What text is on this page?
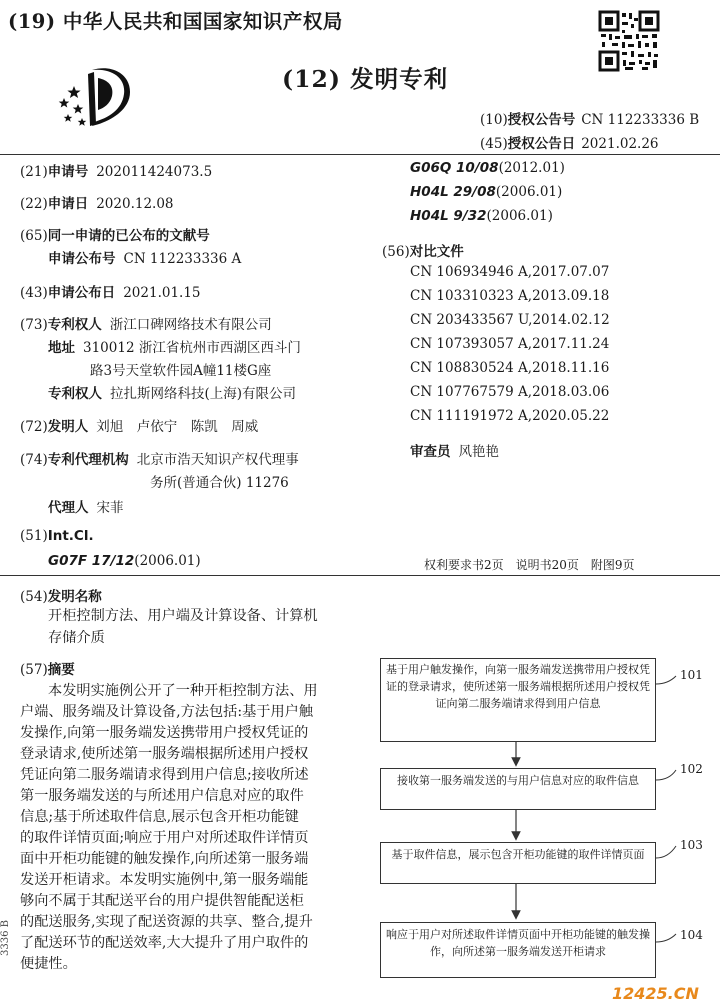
(19) 中华人民共和国国家知识产权局
(12) 发明专利
(10)授权公告号 CN 112233336 B
(45)授权公告日 2021.02.26
(21)申请号 202011424073.5
(22)申请日 2020.12.08
(65)同一申请的已公布的文献号
申请公布号 CN 112233336 A
(43)申请公布日 2021.01.15
(73)专利权人 浙江口碑网络技术有限公司
地址 310012 浙江省杭州市西湖区西斗门
路3号天堂软件园A幢11楼G座
专利权人 拉扎斯网络科技(上海)有限公司
(72)发明人 刘旭　卢依宁　陈凯　周威
(74)专利代理机构 北京市浩天知识产权代理事
务所(普通合伙) 11276
代理人 宋菲
(51)Int.Cl.
G07F 17/12(2006.01)
G06Q 10/08(2012.01)
H04L 29/08(2006.01)
H04L 9/32(2006.01)
(56)对比文件
CN 106934946 A,2017.07.07
CN 103310323 A,2013.09.18
CN 203433567 U,2014.02.12
CN 107393057 A,2017.11.24
CN 108830524 A,2018.11.16
CN 107767579 A,2018.03.06
CN 111191972 A,2020.05.22
审查员 风艳艳
权利要求书2页　说明书20页　附图9页
(54)发明名称
开柜控制方法、用户端及计算设备、计算机
存储介质
(57)摘要
本发明实施例公开了一种开柜控制方法、用
户端、服务端及计算设备,方法包括:基于用户触
发操作,向第一服务端发送携带用户授权凭证的
登录请求,使所述第一服务端根据所述用户授权
凭证向第二服务端请求得到用户信息;接收所述
第一服务端发送的与所述用户信息对应的取件
信息;基于所述取件信息,展示包含开柜功能键
的取件详情页面;响应于用户对所述取件详情页
面中开柜功能键的触发操作,向所述第一服务端
发送开柜请求。本发明实施例中,第一服务端能
够向不属于其配送平台的用户提供智能配送柜
的配送服务,实现了配送资源的共享、整合,提升
了配送环节的配送效率,大大提升了用户取件的
便捷性。
基于用户触发操作，向第一服务端发送携带用户授权凭证的登录请求，使所述第一服务端根据所述用户授权凭证向第二服务端请求得到用户信息
101
接收第一服务端发送的与用户信息对应的取件信息
102
基于取件信息，展示包含开柜功能键的取件详情页面
103
响应于用户对所述取件详情页面中开柜功能键的触发操作，向所述第一服务端发送开柜请求
104
3336 B
12425.CN
